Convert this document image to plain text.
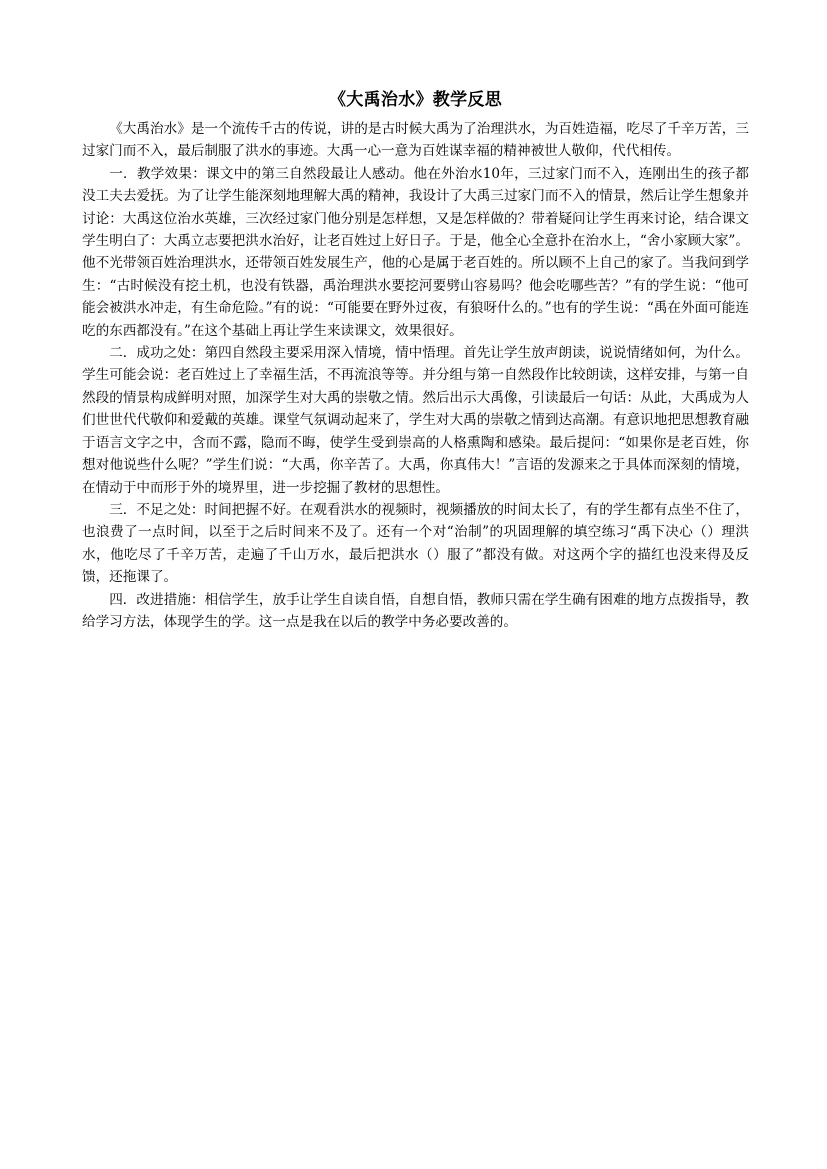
《大禹治水》教学反思

《大禹治水》是一个流传千古的传说，讲的是古时候大禹为了治理洪水，为百姓造福，吃尽了千辛万苦，三过家门而不入，最后制服了洪水的事迹。大禹一心一意为百姓谋幸福的精神被世人敬仰，代代相传。

一．教学效果：课文中的第三自然段最让人感动。他在外治水10年，三过家门而不入，连刚出生的孩子都没工夫去爱抚。为了让学生能深刻地理解大禹的精神，我设计了大禹三过家门而不入的情景，然后让学生想象并讨论：大禹这位治水英雄，三次经过家门他分别是怎样想，又是怎样做的？带着疑问让学生再来讨论，结合课文学生明白了：大禹立志要把洪水治好，让老百姓过上好日子。于是，他全心全意扑在治水上，“舍小家顾大家”。他不光带领百姓治理洪水，还带领百姓发展生产，他的心是属于老百姓的。所以顾不上自己的家了。当我问到学生：“古时候没有挖土机，也没有铁器，禹治理洪水要挖河要劈山容易吗？他会吃哪些苦？”有的学生说：“他可能会被洪水冲走，有生命危险。”有的说：“可能要在野外过夜，有狼呀什么的。”也有的学生说：“禹在外面可能连吃的东西都没有。”在这个基础上再让学生来读课文，效果很好。

二．成功之处：第四自然段主要采用深入情境，情中悟理。首先让学生放声朗读，说说情绪如何，为什么。学生可能会说：老百姓过上了幸福生活，不再流浪等等。并分组与第一自然段作比较朗读，这样安排，与第一自然段的情景构成鲜明对照，加深学生对大禹的崇敬之情。然后出示大禹像，引读最后一句话：从此，大禹成为人们世世代代敬仰和爱戴的英雄。课堂气氛调动起来了，学生对大禹的崇敬之情到达高潮。有意识地把思想教育融于语言文字之中，含而不露，隐而不晦，使学生受到崇高的人格熏陶和感染。最后提问：“如果你是老百姓，你想对他说些什么呢？”学生们说：“大禹，你辛苦了。大禹，你真伟大！”言语的发源来之于具体而深刻的情境，在情动于中而形于外的境界里，进一步挖掘了教材的思想性。

三．不足之处：时间把握不好。在观看洪水的视频时，视频播放的时间太长了，有的学生都有点坐不住了，也浪费了一点时间，以至于之后时间来不及了。还有一个对“治制”的巩固理解的填空练习“禹下决心（）理洪水，他吃尽了千辛万苦，走遍了千山万水，最后把洪水（）服了”都没有做。对这两个字的描红也没来得及反馈，还拖课了。

四．改进措施：相信学生，放手让学生自读自悟，自想自悟，教师只需在学生确有困难的地方点拨指导，教给学习方法，体现学生的学。这一点是我在以后的教学中务必要改善的。
